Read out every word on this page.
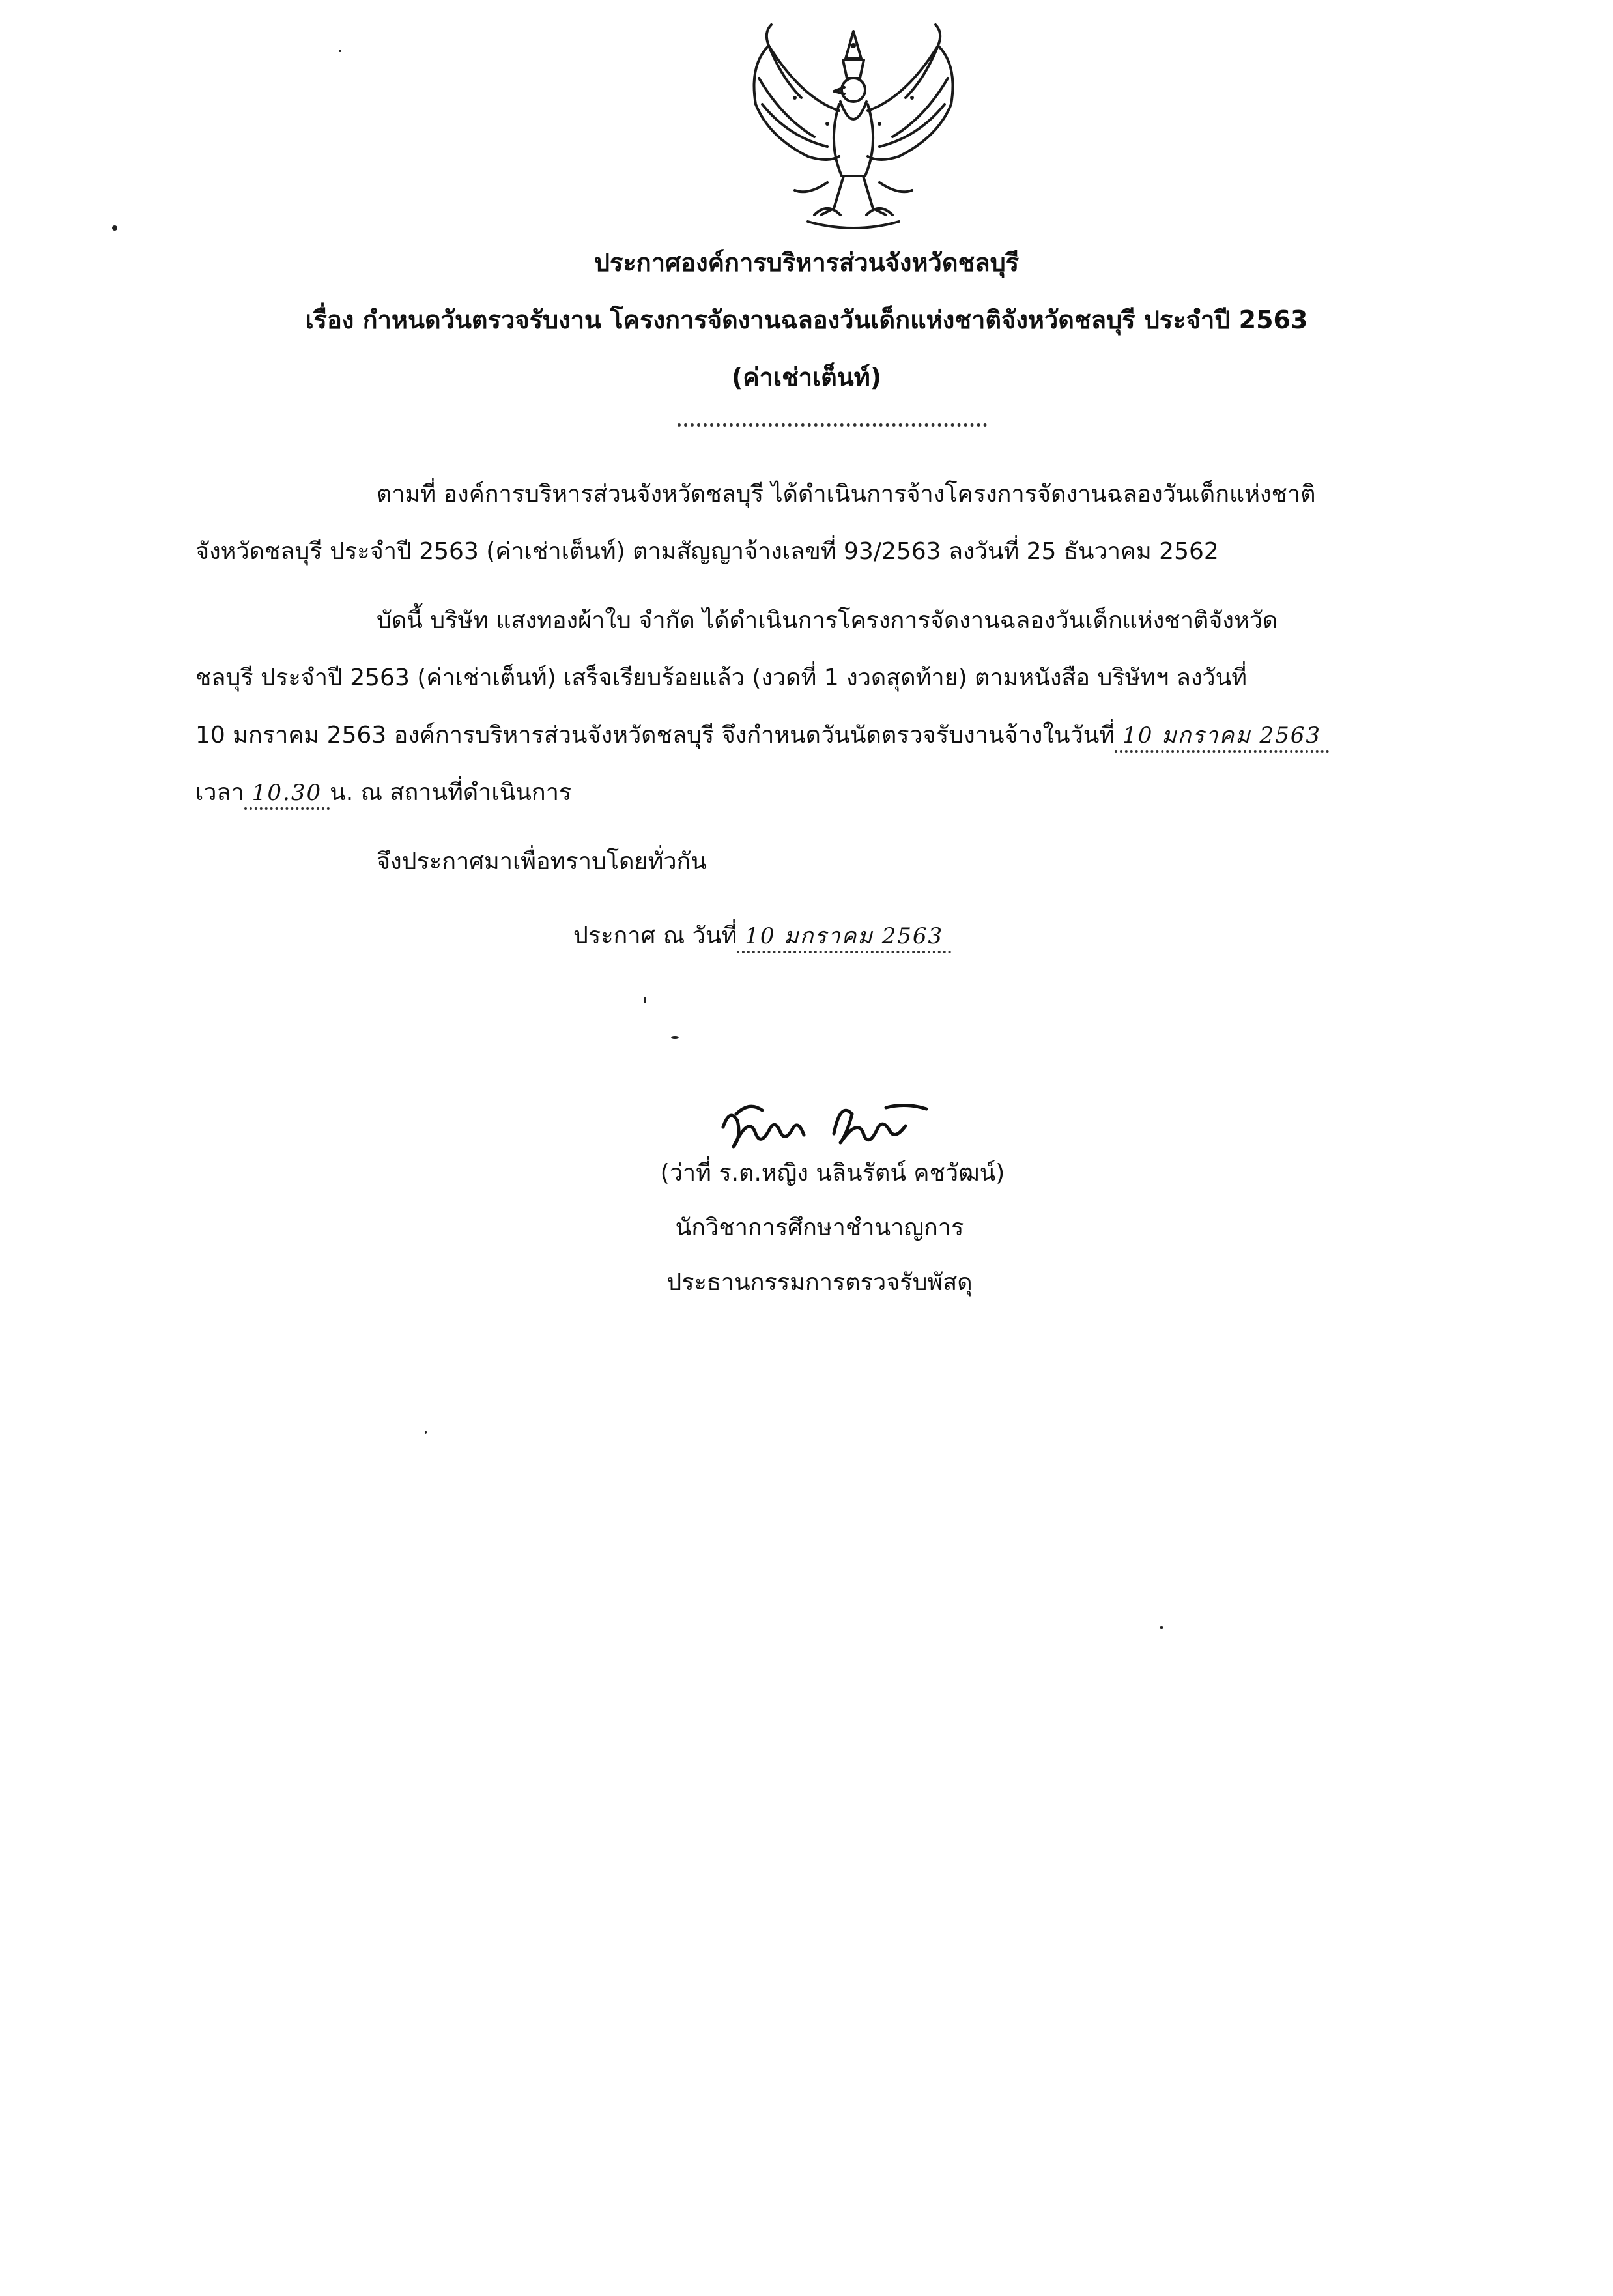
ประกาศองค์การบริหารส่วนจังหวัดชลบุรี
เรื่อง กำหนดวันตรวจรับงาน โครงการจัดงานฉลองวันเด็กแห่งชาติจังหวัดชลบุรี ประจำปี 2563
(ค่าเช่าเต็นท์)
ตามที่ องค์การบริหารส่วนจังหวัดชลบุรี ได้ดำเนินการจ้างโครงการจัดงานฉลองวันเด็กแห่งชาติ
จังหวัดชลบุรี ประจำปี 2563 (ค่าเช่าเต็นท์) ตามสัญญาจ้างเลขที่ 93/2563 ลงวันที่ 25 ธันวาคม 2562
บัดนี้ บริษัท แสงทองผ้าใบ จำกัด ได้ดำเนินการโครงการจัดงานฉลองวันเด็กแห่งชาติจังหวัด
ชลบุรี ประจำปี 2563 (ค่าเช่าเต็นท์) เสร็จเรียบร้อยแล้ว (งวดที่ 1 งวดสุดท้าย) ตามหนังสือ บริษัทฯ ลงวันที่
10 มกราคม 2563 องค์การบริหารส่วนจังหวัดชลบุรี จึงกำหนดวันนัดตรวจรับงานจ้างในวันที่ 10 มกราคม 2563
เวลา 10.30 น. ณ สถานที่ดำเนินการ
จึงประกาศมาเพื่อทราบโดยทั่วกัน
ประกาศ ณ วันที่ 10 มกราคม 2563
(ว่าที่ ร.ต.หญิง นลินรัตน์ คชวัฒน์)
นักวิชาการศึกษาชำนาญการ
ประธานกรรมการตรวจรับพัสดุ
